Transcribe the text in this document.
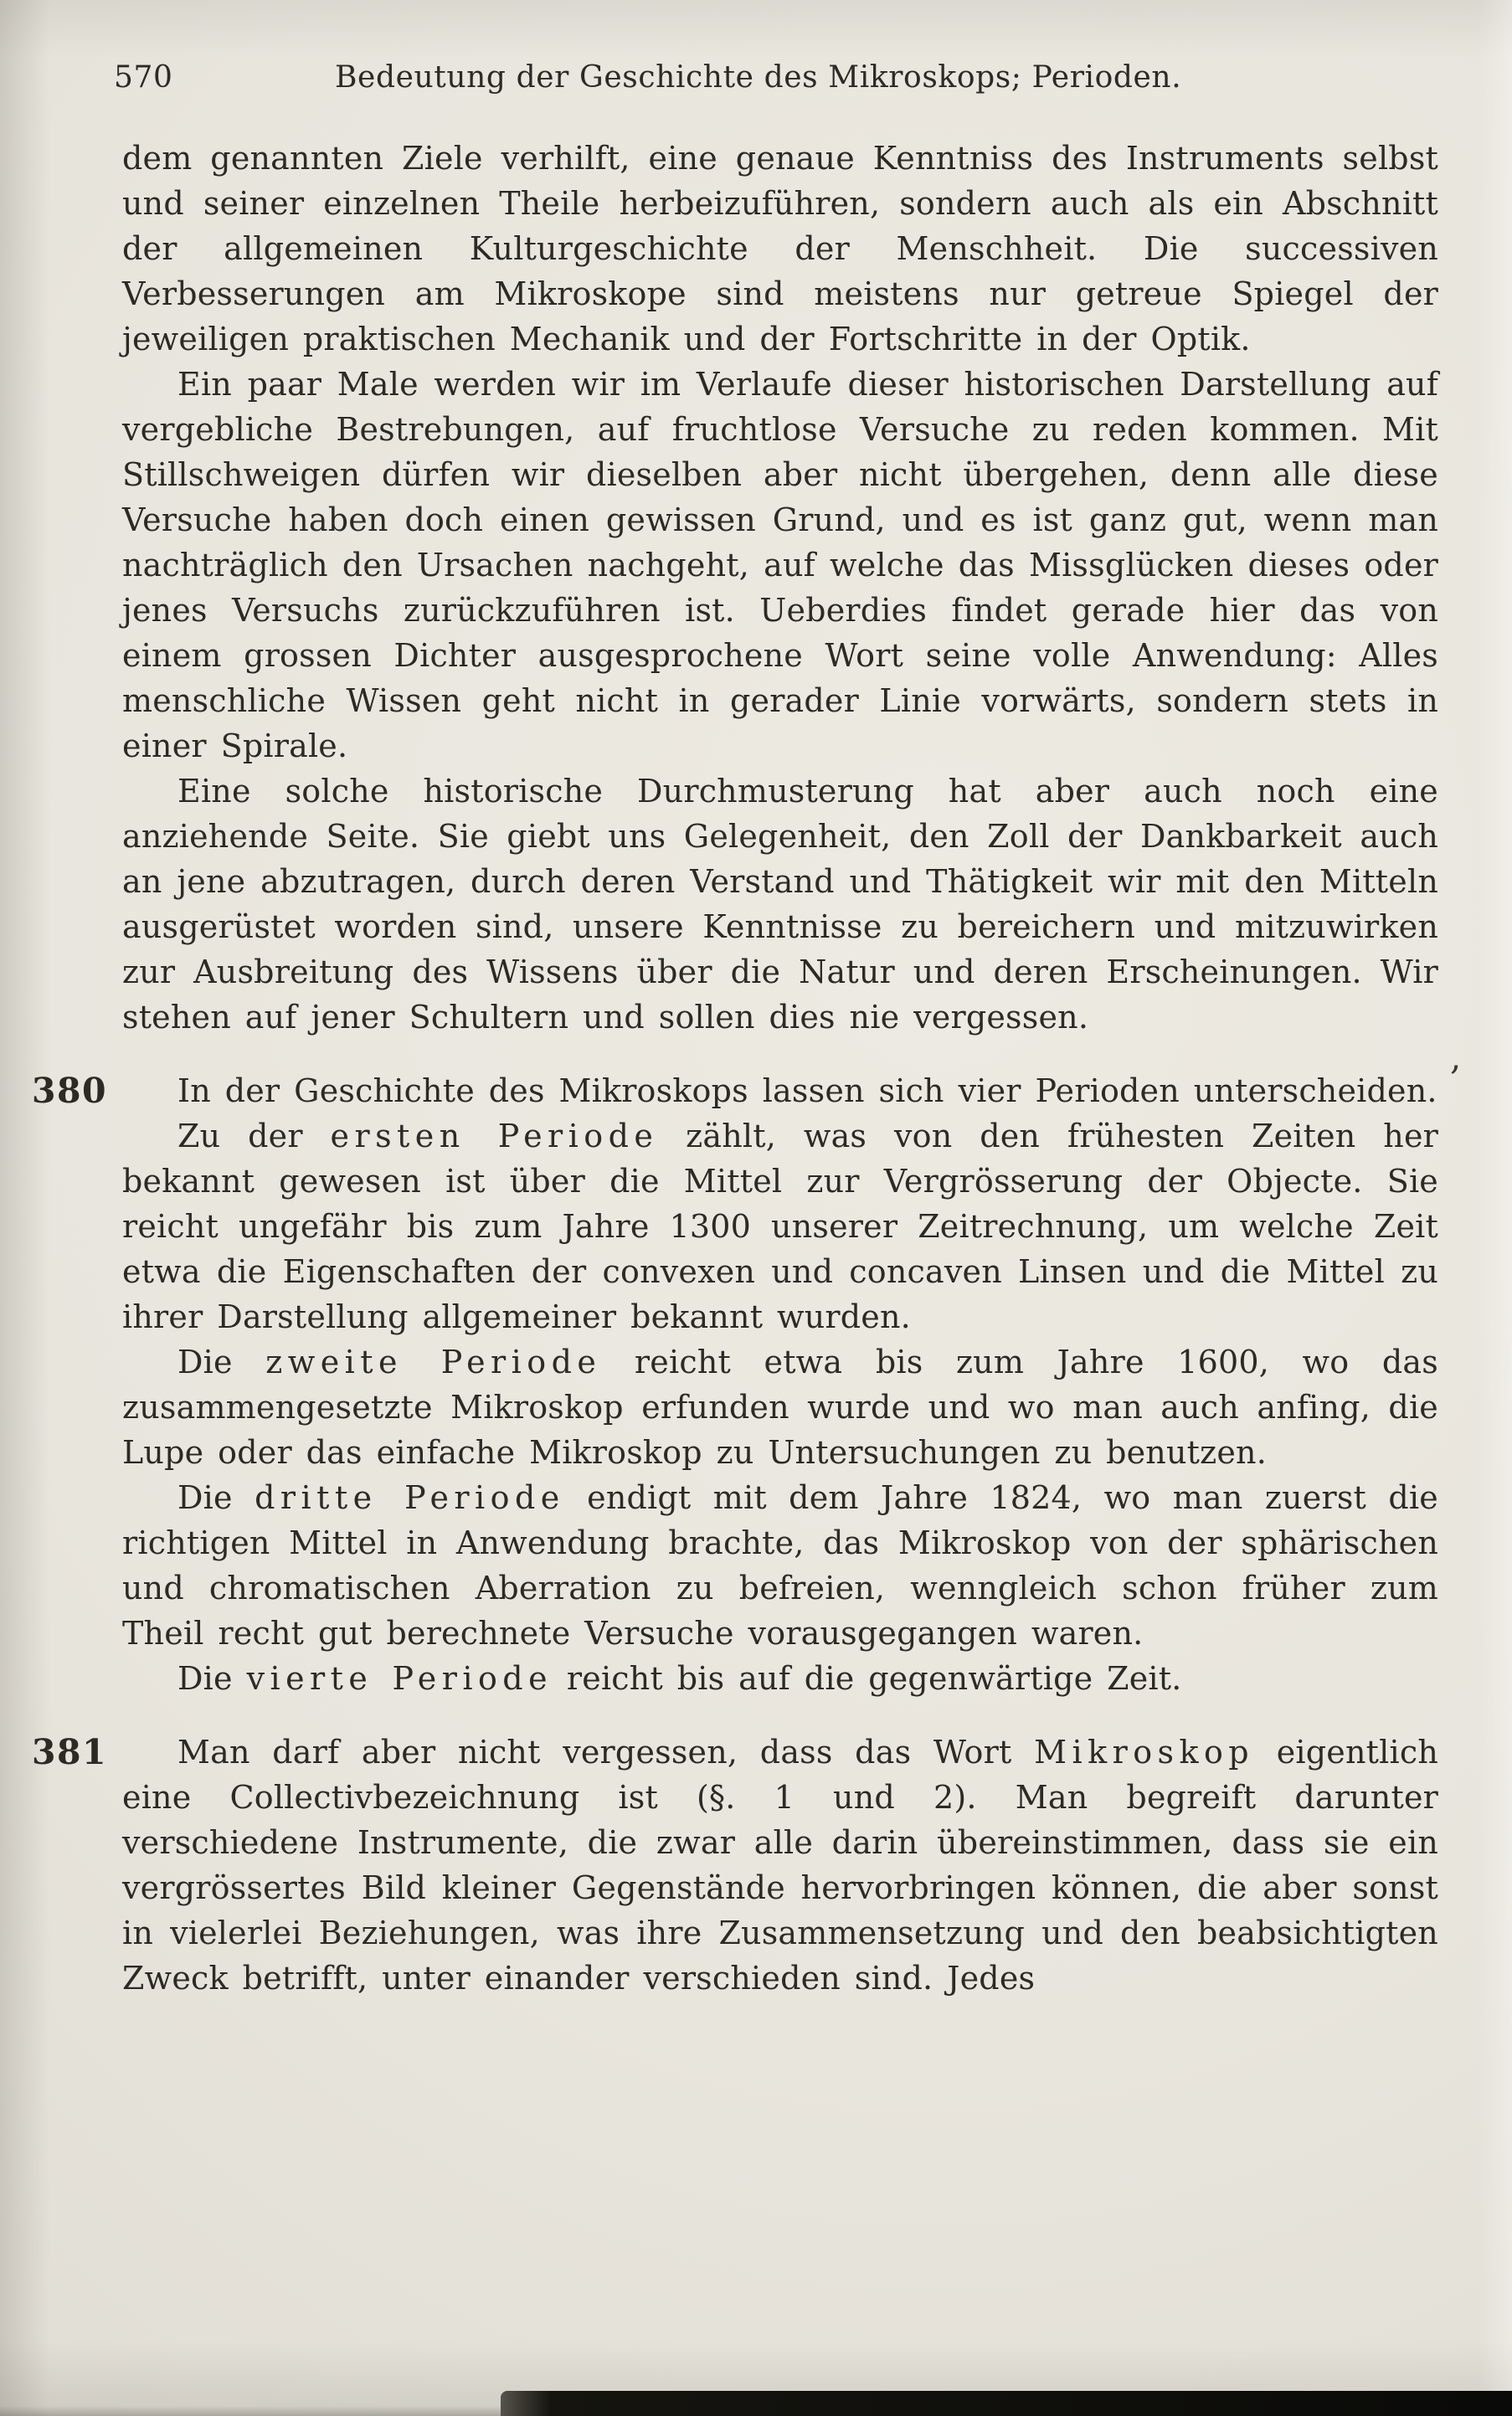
570	Bedeutung der Geschichte des Mikroskops; Perioden.

dem genannten Ziele verhilft, eine genaue Kenntniss des Instruments selbst und seiner einzelnen Theile herbeizuführen, sondern auch als ein Abschnitt der allgemeinen Kulturgeschichte der Menschheit. Die successiven Verbesserungen am Mikroskope sind meistens nur getreue Spiegel der jeweiligen praktischen Mechanik und der Fortschritte in der Optik.

Ein paar Male werden wir im Verlaufe dieser historischen Darstellung auf vergebliche Bestrebungen, auf fruchtlose Versuche zu reden kommen. Mit Stillschweigen dürfen wir dieselben aber nicht übergehen, denn alle diese Versuche haben doch einen gewissen Grund, und es ist ganz gut, wenn man nachträglich den Ursachen nachgeht, auf welche das Missglücken dieses oder jenes Versuchs zurückzuführen ist. Ueberdies findet gerade hier das von einem grossen Dichter ausgesprochene Wort seine volle Anwendung: Alles menschliche Wissen geht nicht in gerader Linie vorwärts, sondern stets in einer Spirale.

Eine solche historische Durchmusterung hat aber auch noch eine anziehende Seite. Sie giebt uns Gelegenheit, den Zoll der Dankbarkeit auch an jene abzutragen, durch deren Verstand und Thätigkeit wir mit den Mitteln ausgerüstet worden sind, unsere Kenntnisse zu bereichern und mitzuwirken zur Ausbreitung des Wissens über die Natur und deren Erscheinungen. Wir stehen auf jener Schultern und sollen dies nie vergessen.

380 In der Geschichte des Mikroskops lassen sich vier Perioden unterscheiden.

Zu der ersten Periode zählt, was von den frühesten Zeiten her bekannt gewesen ist über die Mittel zur Vergrösserung der Objecte. Sie reicht ungefähr bis zum Jahre 1300 unserer Zeitrechnung, um welche Zeit etwa die Eigenschaften der convexen und concaven Linsen und die Mittel zu ihrer Darstellung allgemeiner bekannt wurden.

Die zweite Periode reicht etwa bis zum Jahre 1600, wo das zusammengesetzte Mikroskop erfunden wurde und wo man auch anfing, die Lupe oder das einfache Mikroskop zu Untersuchungen zu benutzen.

Die dritte Periode endigt mit dem Jahre 1824, wo man zuerst die richtigen Mittel in Anwendung brachte, das Mikroskop von der sphärischen und chromatischen Aberration zu befreien, wenngleich schon früher zum Theil recht gut berechnete Versuche vorausgegangen waren.

Die vierte Periode reicht bis auf die gegenwärtige Zeit.

381 Man darf aber nicht vergessen, dass das Wort Mikroskop eigentlich eine Collectivbezeichnung ist (§. 1 und 2). Man begreift darunter verschiedene Instrumente, die zwar alle darin übereinstimmen, dass sie ein vergrössertes Bild kleiner Gegenstände hervorbringen können, die aber sonst in vielerlei Beziehungen, was ihre Zusammensetzung und den beabsichtigten Zweck betrifft, unter einander verschieden sind. Jedes

,
